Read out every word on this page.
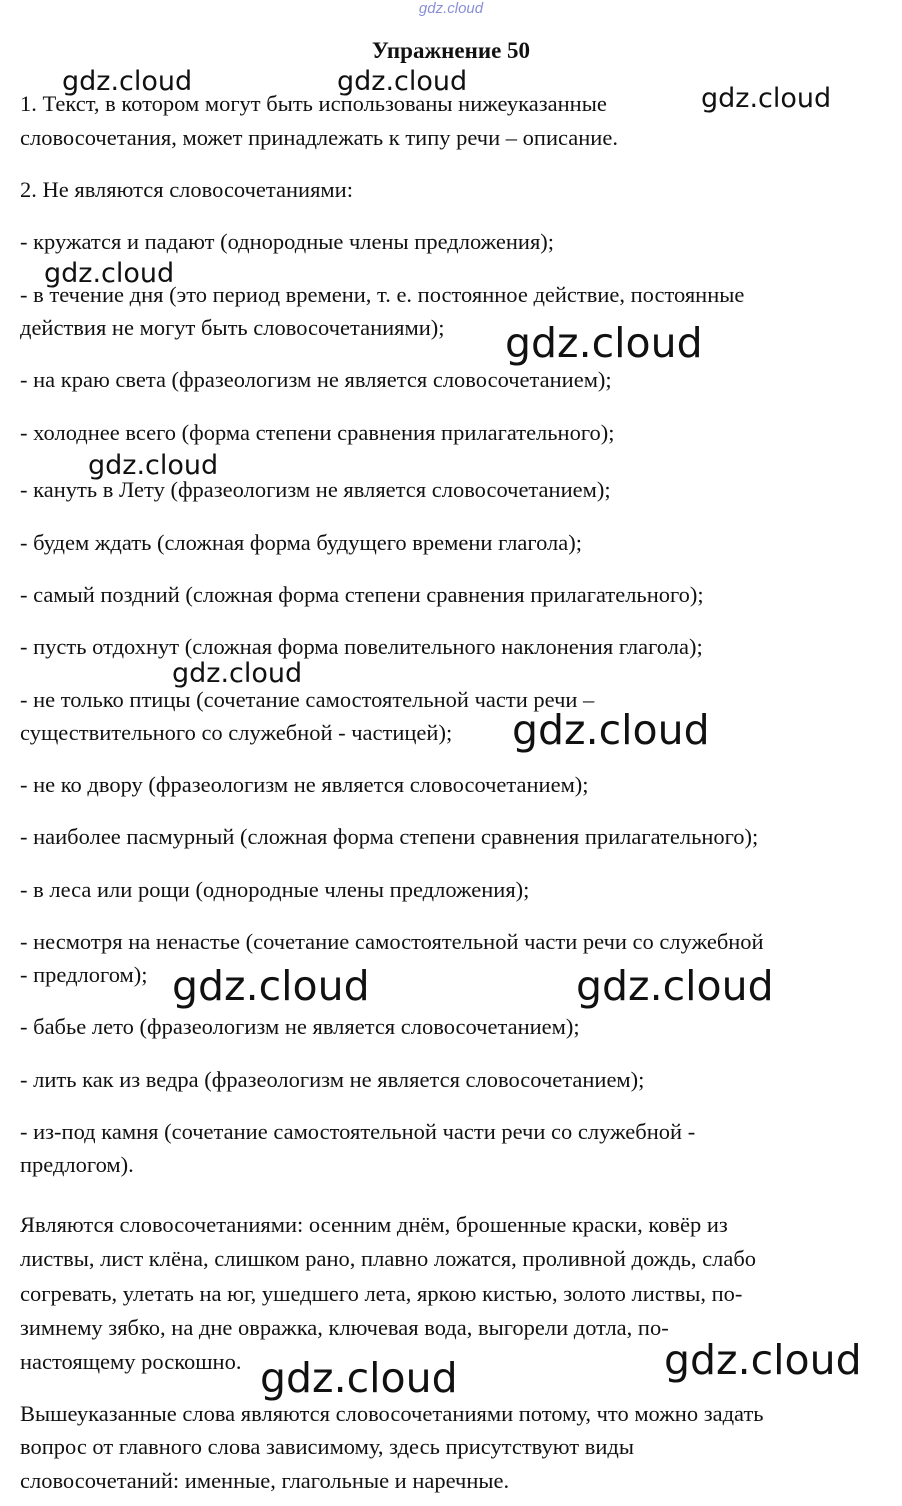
gdz.cloud
Упражнение 50
1. Текст, в котором могут быть использованы нижеуказанные
словосочетания, может принадлежать к типу речи – описание.
2. Не являются словосочетаниями:
- кружатся и падают (однородные члены предложения);
- в течение дня (это период времени, т. е. постоянное действие, постоянные
действия не могут быть словосочетаниями);
- на краю света (фразеологизм не является словосочетанием);
- холоднее всего (форма степени сравнения прилагательного);
- кануть в Лету (фразеологизм не является словосочетанием);
- будем ждать (сложная форма будущего времени глагола);
- самый поздний (сложная форма степени сравнения прилагательного);
- пусть отдохнут (сложная форма повелительного наклонения глагола);
- не только птицы (сочетание самостоятельной части речи –
существительного со служебной - частицей);
- не ко двору (фразеологизм не является словосочетанием);
- наиболее пасмурный (сложная форма степени сравнения прилагательного);
- в леса или рощи (однородные члены предложения);
- несмотря на ненастье (сочетание самостоятельной части речи со служебной
- предлогом);
- бабье лето (фразеологизм не является словосочетанием);
- лить как из ведра (фразеологизм не является словосочетанием);
- из-под камня (сочетание самостоятельной части речи со служебной -
предлогом).
Являются словосочетаниями: осенним днём, брошенные краски, ковёр из
листвы, лист клёна, слишком рано, плавно ложатся, проливной дождь, слабо
согревать, улетать на юг, ушедшего лета, яркою кистью, золото листвы, по-
зимнему зябко, на дне овражка, ключевая вода, выгорели дотла, по-
настоящему роскошно.
Вышеуказанные слова являются словосочетаниями потому, что можно задать
вопрос от главного слова зависимому, здесь присутствуют виды
словосочетаний: именные, глагольные и наречные.
gdz.cloud	gdz.cloud
gdz.cloud
gdz.cloud
gdz.cloud
gdz.cloud
gdz.cloud
gdz.cloud
gdz.cloud	gdz.cloud
gdz.cloud
gdz.cloud
